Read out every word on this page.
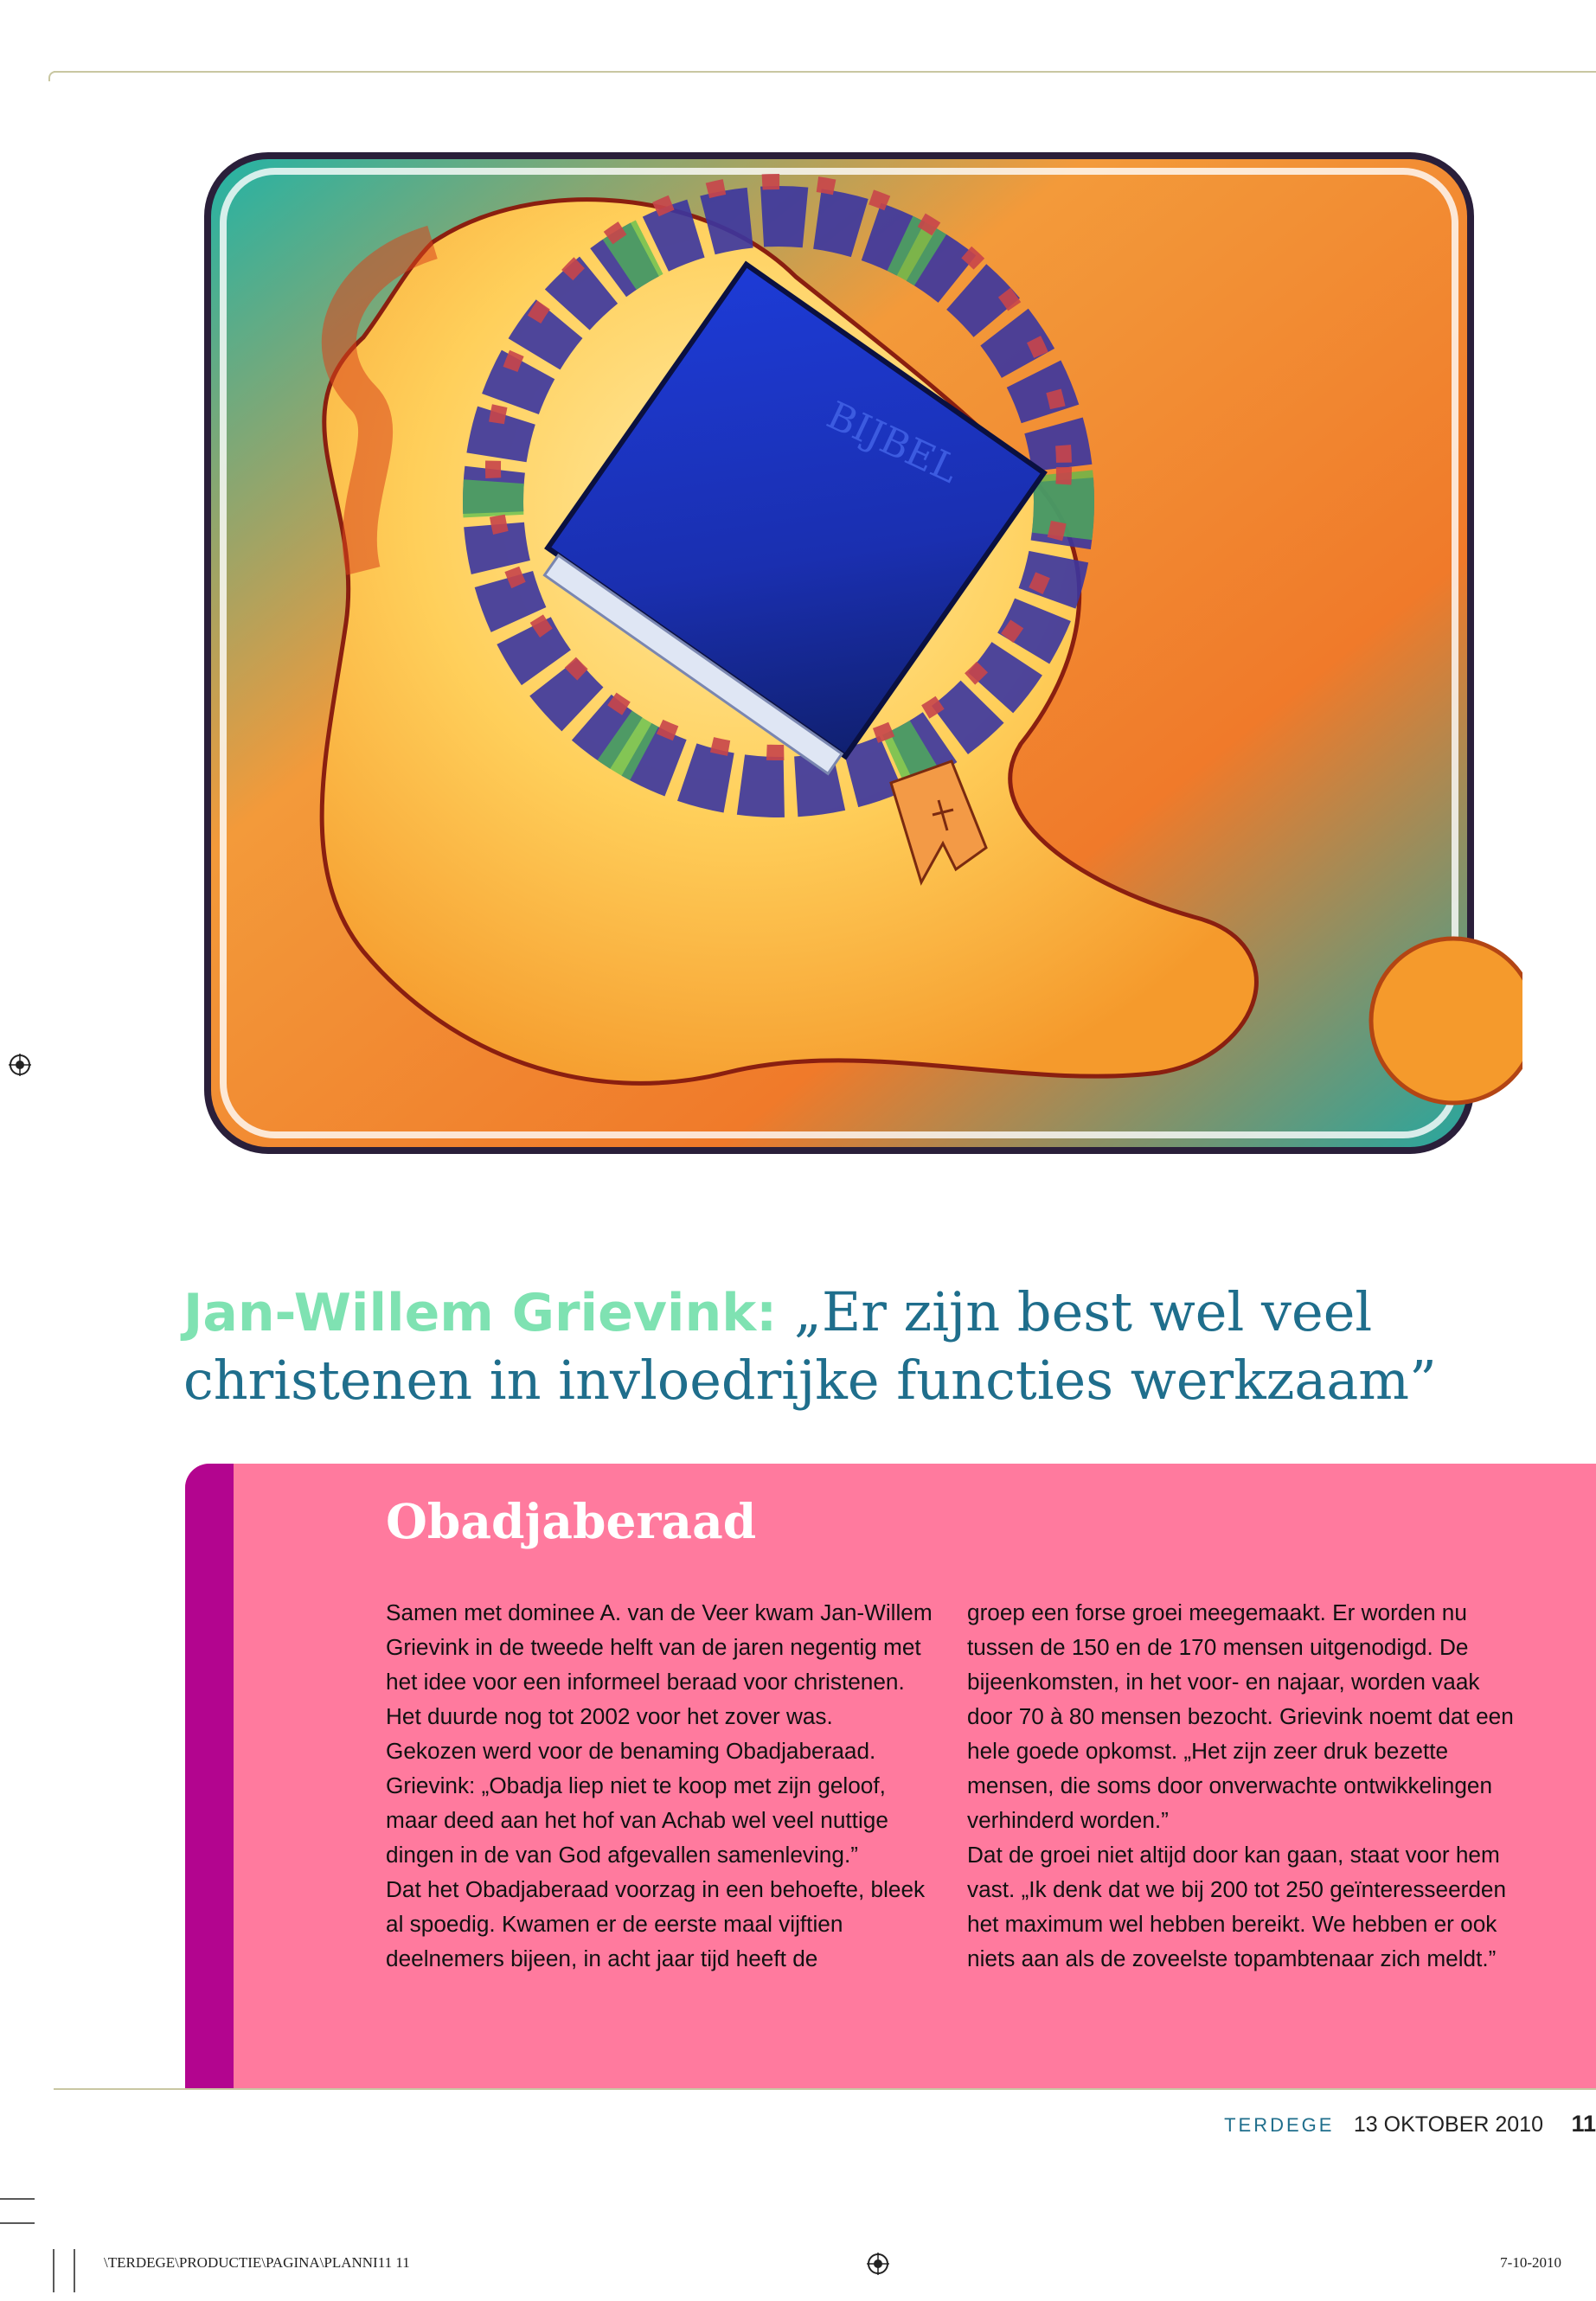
BIJBEL
Jan-Willem Grievink: „Er zijn best wel veel
christenen in invloedrijke functies werkzaam”
Obadjaberaad

Samen met dominee A. van de Veer kwam Jan-Willem Grievink in de tweede helft van de jaren negentig met het idee voor een informeel beraad voor christenen. Het duurde nog tot 2002 voor het zover was.

Gekozen werd voor de benaming Obadjaberaad. Grievink: „Obadja liep niet te koop met zijn geloof, maar deed aan het hof van Achab wel veel nuttige dingen in de van God afgevallen samenleving.”

Dat het Obadjaberaad voorzag in een behoefte, bleek al spoedig. Kwamen er de eerste maal vijftien deelnemers bijeen, in acht jaar tijd heeft de

groep een forse groei meegemaakt. Er worden nu tussen de 150 en de 170 mensen uitgenodigd. De bijeenkomsten, in het voor- en najaar, worden vaak door 70 à 80 mensen bezocht. Grievink noemt dat een hele goede opkomst. „Het zijn zeer druk bezette mensen, die soms door onverwachte ontwikkelingen verhinderd worden.”

Dat de groei niet altijd door kan gaan, staat voor hem vast. „Ik denk dat we bij 200 tot 250 geïnteresseerden het maximum wel hebben bereikt. We hebben er ook niets aan als de zoveelste topambtenaar zich meldt.”

TERDEGE 13 OKTOBER 2010 11
\TERDEGE\PRODUCTIE\PAGINA\PLANNI11 11	7-10-2010
